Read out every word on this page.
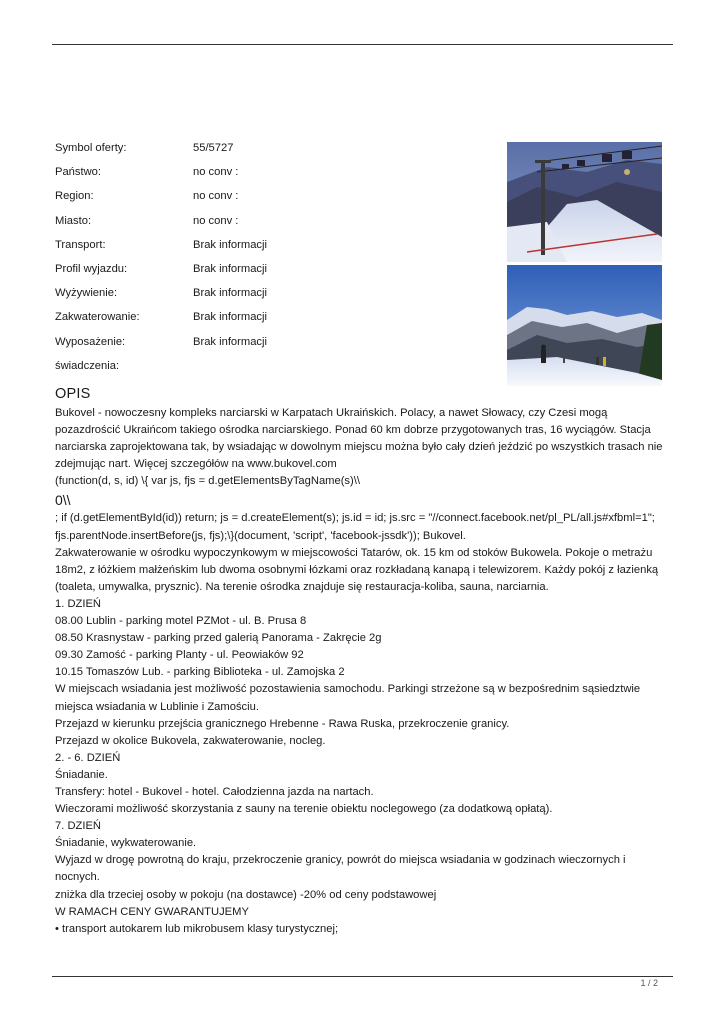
Symbol oferty:	55/5727
Państwo:	no conv :
Region:	no conv :
Miasto:	no conv :
Transport:	Brak informacji
Profil wyjazdu:	Brak informacji
Wyżywienie:	Brak informacji
Zakwaterowanie:	Brak informacji
Wyposażenie:	Brak informacji
świadczenia:
OPIS

Bukovel - nowoczesny kompleks narciarski w Karpatach Ukraińskich. Polacy, a nawet Słowacy, czy Czesi mogą pozazdrościć Ukraińcom takiego ośrodka narciarskiego. Ponad 60 km dobrze przygotowanych tras, 16 wyciągów. Stacja narciarska zaprojektowana tak, by wsiadając w dowolnym miejscu można było cały dzień jeździć po wszystkich trasach nie zdejmując nart. Więcej szczegółów na www.bukovel.com

(function(d, s, id) \{ var js, fjs = d.getElementsByTagName(s)\\

0\\

; if (d.getElementById(id)) return; js = d.createElement(s); js.id = id; js.src = "//connect.facebook.net/pl_PL/all.js#xfbml=1"; fjs.parentNode.insertBefore(js, fjs);\}(document, 'script', 'facebook-jssdk')); Bukovel.

Zakwaterowanie w ośrodku wypoczynkowym w miejscowości Tatarów, ok. 15 km od stoków Bukowela. Pokoje o metrażu 18m2, z łóżkiem małżeńskim lub dwoma osobnymi łózkami oraz rozkładaną kanapą i telewizorem. Każdy pokój z łazienką (toaleta, umywalka, prysznic). Na terenie ośrodka znajduje się restauracja-koliba, sauna, narciarnia.

1. DZIEŃ

08.00 Lublin - parking motel PZMot - ul. B. Prusa 8

08.50 Krasnystaw - parking przed galerią Panorama - Zakręcie 2g

09.30 Zamość - parking Planty - ul. Peowiaków 92

10.15 Tomaszów Lub. - parking Biblioteka - ul. Zamojska 2

W miejscach wsiadania jest możliwość pozostawienia samochodu. Parkingi strzeżone są w bezpośrednim sąsiedztwie miejsca wsiadania w Lublinie i Zamościu.

Przejazd w kierunku przejścia granicznego Hrebenne - Rawa Ruska, przekroczenie granicy.

Przejazd w okolice Bukovela, zakwaterowanie, nocleg.

2. - 6. DZIEŃ

Śniadanie.

Transfery: hotel - Bukovel - hotel. Całodzienna jazda na nartach.

Wieczorami możliwość skorzystania z sauny na terenie obiektu noclegowego (za dodatkową opłatą).

7. DZIEŃ

Śniadanie, wykwaterowanie.

Wyjazd w drogę powrotną do kraju, przekroczenie granicy, powrót do miejsca wsiadania w godzinach wieczornych i nocnych.

zniżka dla trzeciej osoby w pokoju (na dostawce) -20% od ceny podstawowej

W RAMACH CENY GWARANTUJEMY

• transport autokarem lub mikrobusem klasy turystycznej;

1 / 2
